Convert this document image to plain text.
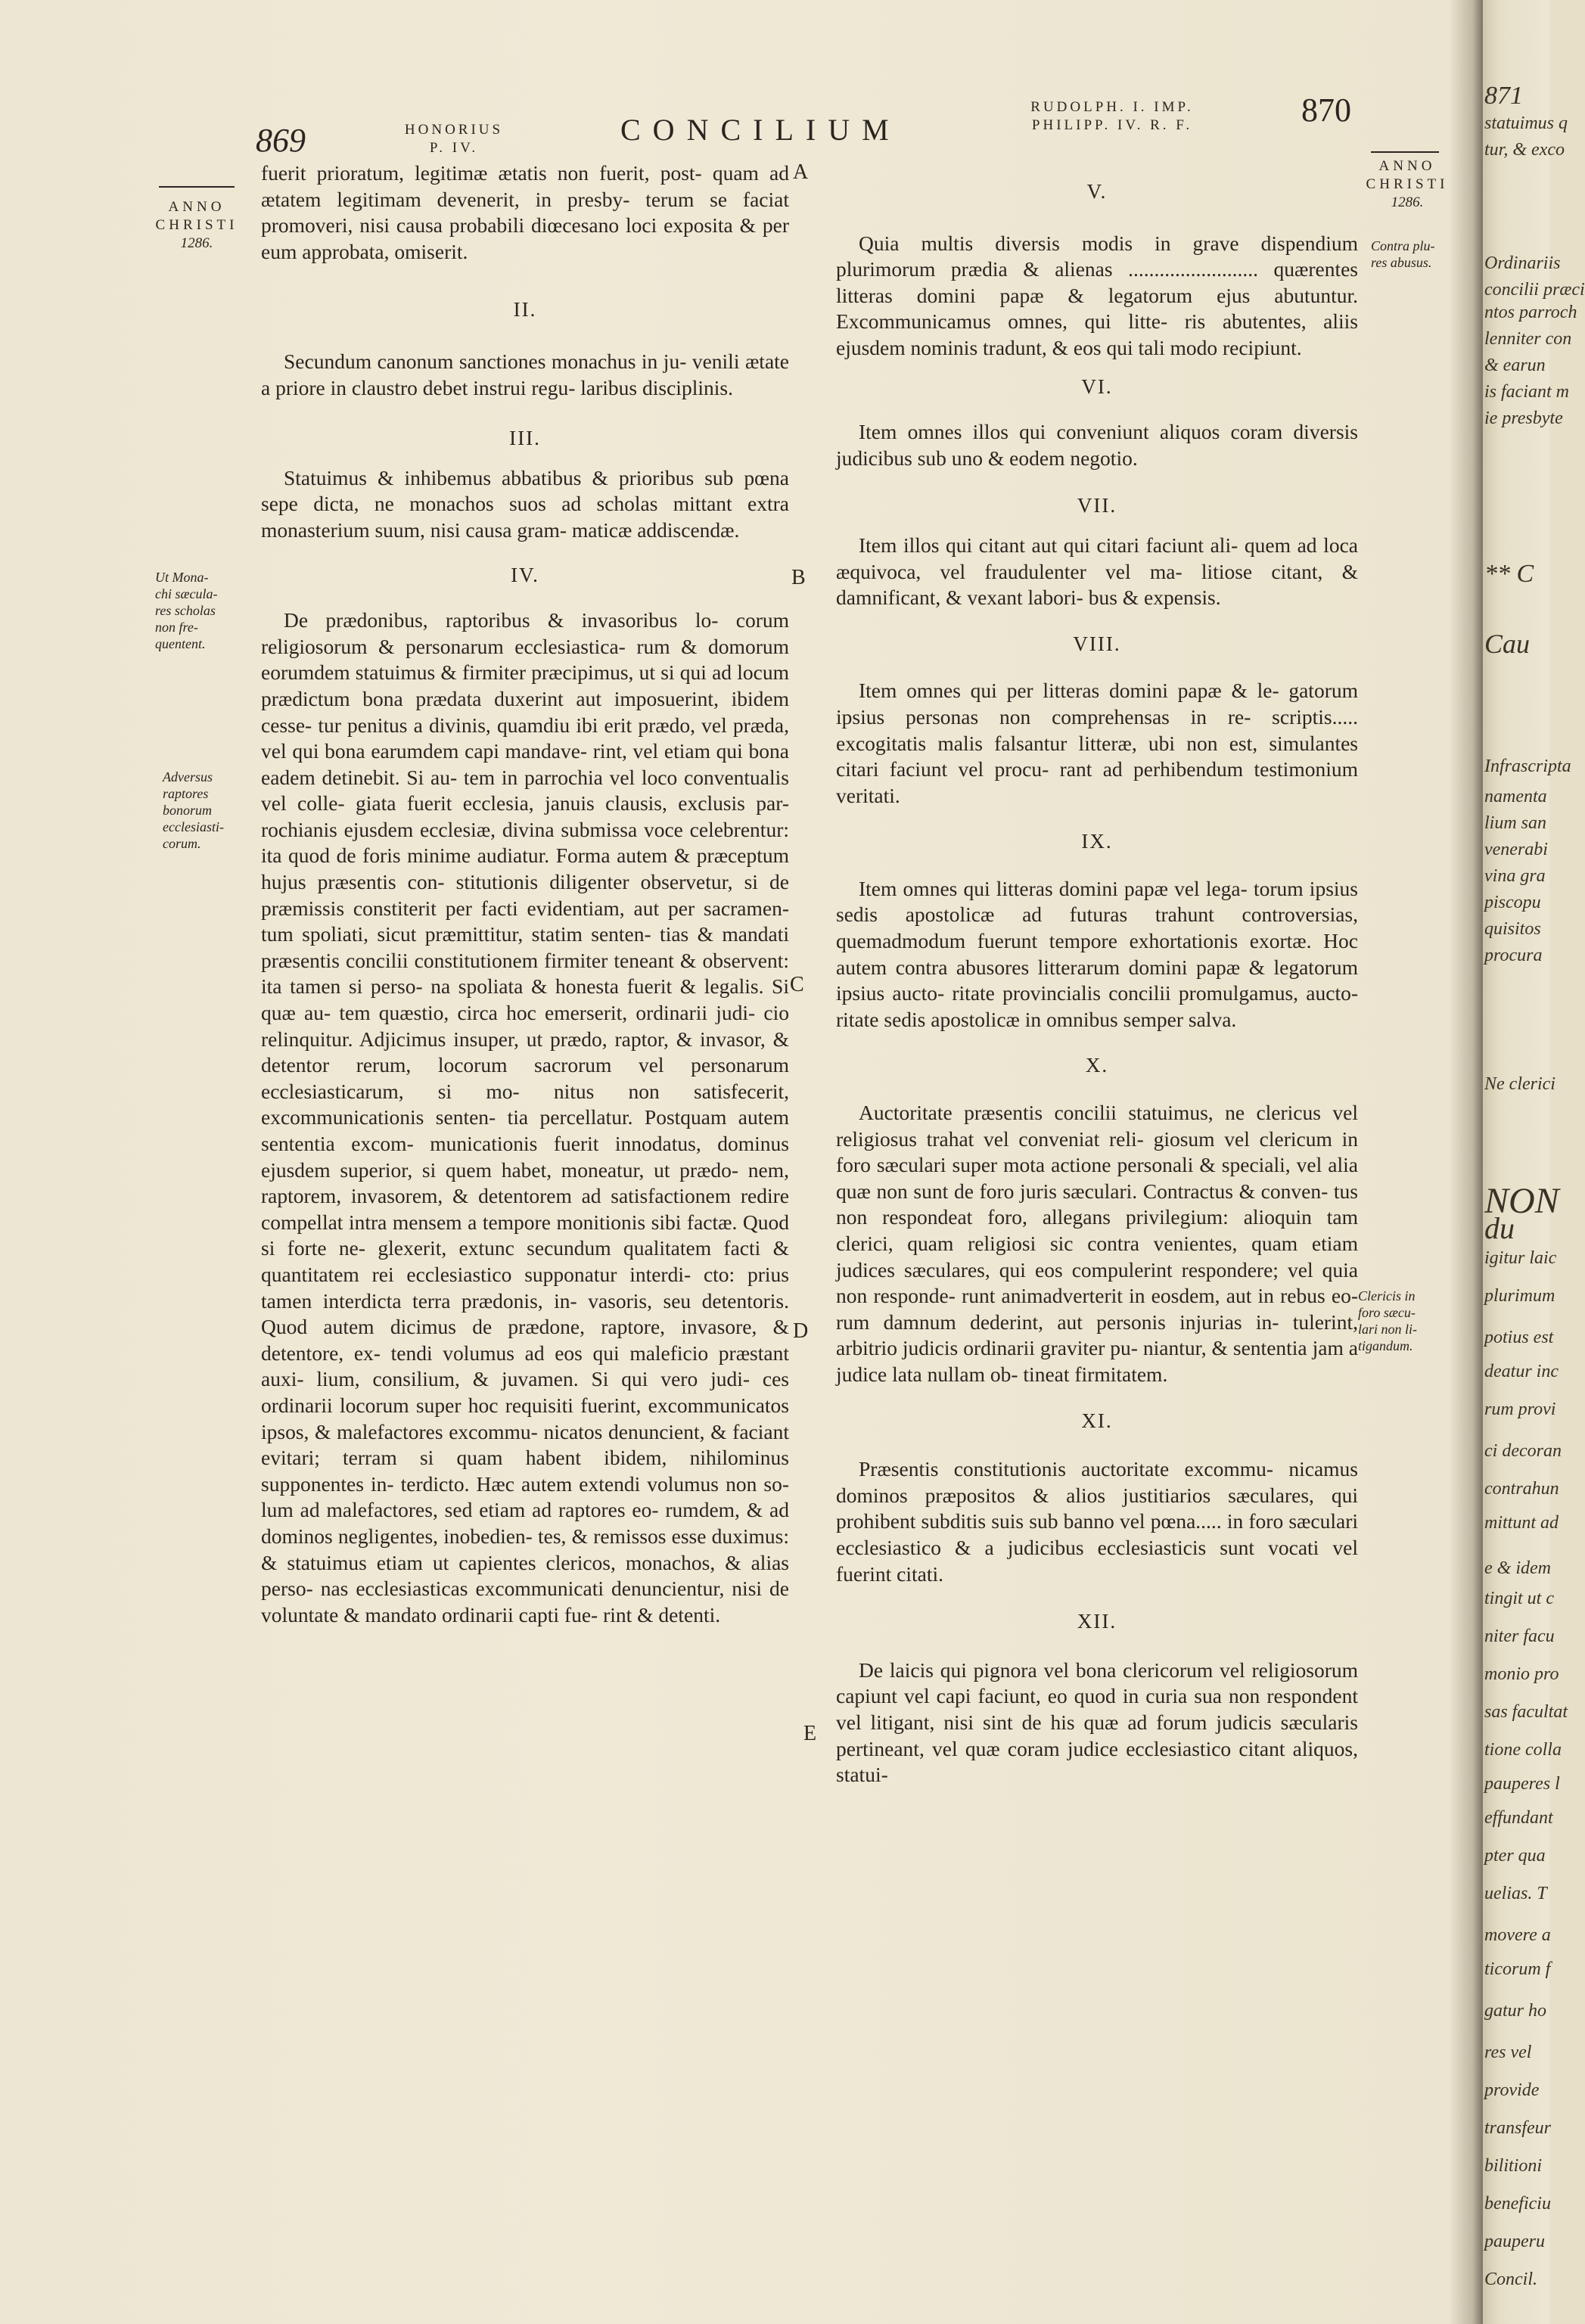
869	HONORIUS
P. IV.
CONCILIUM
RUDOLPH. I. IMP.
PHILIPP. IV. R. F.	870
ANNO
CHRISTI
1286.
ANNO
CHRISTI
1286.
Ut Mona-
chi sæcula-
res scholas
non fre-
quentent.
Adversus
raptores
bonorum
ecclesiasti-
corum.
Contra plu-
res abusus.
Clericis in
foro sæcu-
lari non li-
tigandum.
A
B
C
D
E

fuerit prioratum, legitimæ ætatis non fuerit, post- quam ad ætatem legitimam devenerit, in presby- terum se faciat promoveri, nisi causa probabili diœcesano loci exposita & per eum approbata, omiserit.

II.

Secundum canonum sanctiones monachus in ju- venili ætate a priore in claustro debet instrui regu- laribus disciplinis.

III.

Statuimus & inhibemus abbatibus & prioribus sub pœna sepe dicta, ne monachos suos ad scholas mittant extra monasterium suum, nisi causa gram- maticæ addiscendæ.

IV.

De prædonibus, raptoribus & invasoribus lo- corum religiosorum & personarum ecclesiastica- rum & domorum eorumdem statuimus & firmiter præcipimus, ut si qui ad locum prædictum bona prædata duxerint aut imposuerint, ibidem cesse- tur penitus a divinis, quamdiu ibi erit prædo, vel præda, vel qui bona earumdem capi mandave- rint, vel etiam qui bona eadem detinebit. Si au- tem in parrochia vel loco conventualis vel colle- giata fuerit ecclesia, januis clausis, exclusis par- rochianis ejusdem ecclesiæ, divina submissa voce celebrentur: ita quod de foris minime audiatur. Forma autem & præceptum hujus præsentis con- stitutionis diligenter observetur, si de præmissis constiterit per facti evidentiam, aut per sacramen- tum spoliati, sicut præmittitur, statim senten- tias & mandati præsentis concilii constitutionem firmiter teneant & observent: ita tamen si perso- na spoliata & honesta fuerit & legalis. Si quæ au- tem quæstio, circa hoc emerserit, ordinarii judi- cio relinquitur. Adjicimus insuper, ut prædo, raptor, & invasor, & detentor rerum, locorum sacrorum vel personarum ecclesiasticarum, si mo- nitus non satisfecerit, excommunicationis senten- tia percellatur. Postquam autem sententia excom- municationis fuerit innodatus, dominus ejusdem superior, si quem habet, moneatur, ut prædo- nem, raptorem, invasorem, & detentorem ad satisfactionem redire compellat intra mensem a tempore monitionis sibi factæ. Quod si forte ne- glexerit, extunc secundum qualitatem facti & quantitatem rei ecclesiastico supponatur interdi- cto: prius tamen interdicta terra prædonis, in- vasoris, seu detentoris. Quod autem dicimus de prædone, raptore, invasore, & detentore, ex- tendi volumus ad eos qui maleficio præstant auxi- lium, consilium, & juvamen. Si qui vero judi- ces ordinarii locorum super hoc requisiti fuerint, excommunicatos ipsos, & malefactores excommu- nicatos denuncient, & faciant evitari; terram si quam habent ibidem, nihilominus supponentes in- terdicto. Hæc autem extendi volumus non so- lum ad malefactores, sed etiam ad raptores eo- rumdem, & ad dominos negligentes, inobedien- tes, & remissos esse duximus: & statuimus etiam ut capientes clericos, monachos, & alias perso- nas ecclesiasticas excommunicati denuncientur, nisi de voluntate & mandato ordinarii capti fue- rint & detenti.

V.

Quia multis diversis modis in grave dispendium plurimorum prædia & alienas ......................... quærentes litteras domini papæ & legatorum ejus abutuntur. Excommunicamus omnes, qui litte- ris abutentes, aliis ejusdem nominis tradunt, & eos qui tali modo recipiunt.

VI.

Item omnes illos qui conveniunt aliquos coram diversis judicibus sub uno & eodem negotio.

VII.

Item illos qui citant aut qui citari faciunt ali- quem ad loca æquivoca, vel fraudulenter vel ma- litiose citant, & damnificant, & vexant labori- bus & expensis.

VIII.

Item omnes qui per litteras domini papæ & le- gatorum ipsius personas non comprehensas in re- scriptis..... excogitatis malis falsantur litteræ, ubi non est, simulantes citari faciunt vel procu- rant ad perhibendum testimonium veritati.

IX.

Item omnes qui litteras domini papæ vel lega- torum ipsius sedis apostolicæ ad futuras trahunt controversias, quemadmodum fuerunt tempore exhortationis exortæ. Hoc autem contra abusores litterarum domini papæ & legatorum ipsius aucto- ritate provincialis concilii promulgamus, aucto- ritate sedis apostolicæ in omnibus semper salva.

X.

Auctoritate præsentis concilii statuimus, ne clericus vel religiosus trahat vel conveniat reli- giosum vel clericum in foro sæculari super mota actione personali & speciali, vel alia quæ non sunt de foro juris sæculari. Contractus & conven- tus non respondeat foro, allegans privilegium: alioquin tam clerici, quam religiosi sic contra venientes, quam etiam judices sæculares, qui eos compulerint respondere; vel quia non responde- runt animadverterit in eosdem, aut in rebus eo- rum damnum dederint, aut personis injurias in- tulerint, arbitrio judicis ordinarii graviter pu- niantur, & sententia jam a judice lata nullam ob- tineat firmitatem.

XI.

Præsentis constitutionis auctoritate excommu- nicamus dominos præpositos & alios justitiarios sæculares, qui prohibent subditis suis sub banno vel pœna..... in foro sæculari ecclesiastico & a judicibus ecclesiasticis sunt vocati vel fuerint citati.

XII.

De laicis qui pignora vel bona clericorum vel religiosorum capiunt vel capi faciunt, eo quod in curia sua non respondent vel litigant, nisi sint de his quæ ad forum judicis sæcularis pertineant, vel quæ coram judice ecclesiastico citant aliquos, statui-

871
statuimus q
tur, & exco
Ordinariis
concilii præci
ntos parroch
lenniter con
& earun
is faciant m
ie presbyte
** C
Cau
Infrascripta
namenta
lium san
venerabi
vina gra
piscopu
quisitos
procura
Ne clerici
NON
du
igitur laic
plurimum
potius est
deatur inc
rum provi
ci decoran
contrahun
mittunt ad
e & idem
tingit ut c
niter facu
monio pro
sas facultat
tione colla
pauperes l
effundant
pter qua
uelias. T
movere a
ticorum f
gatur ho
res vel
provide
transfeur
bilitioni
beneficiu
pauperu
Concil.
